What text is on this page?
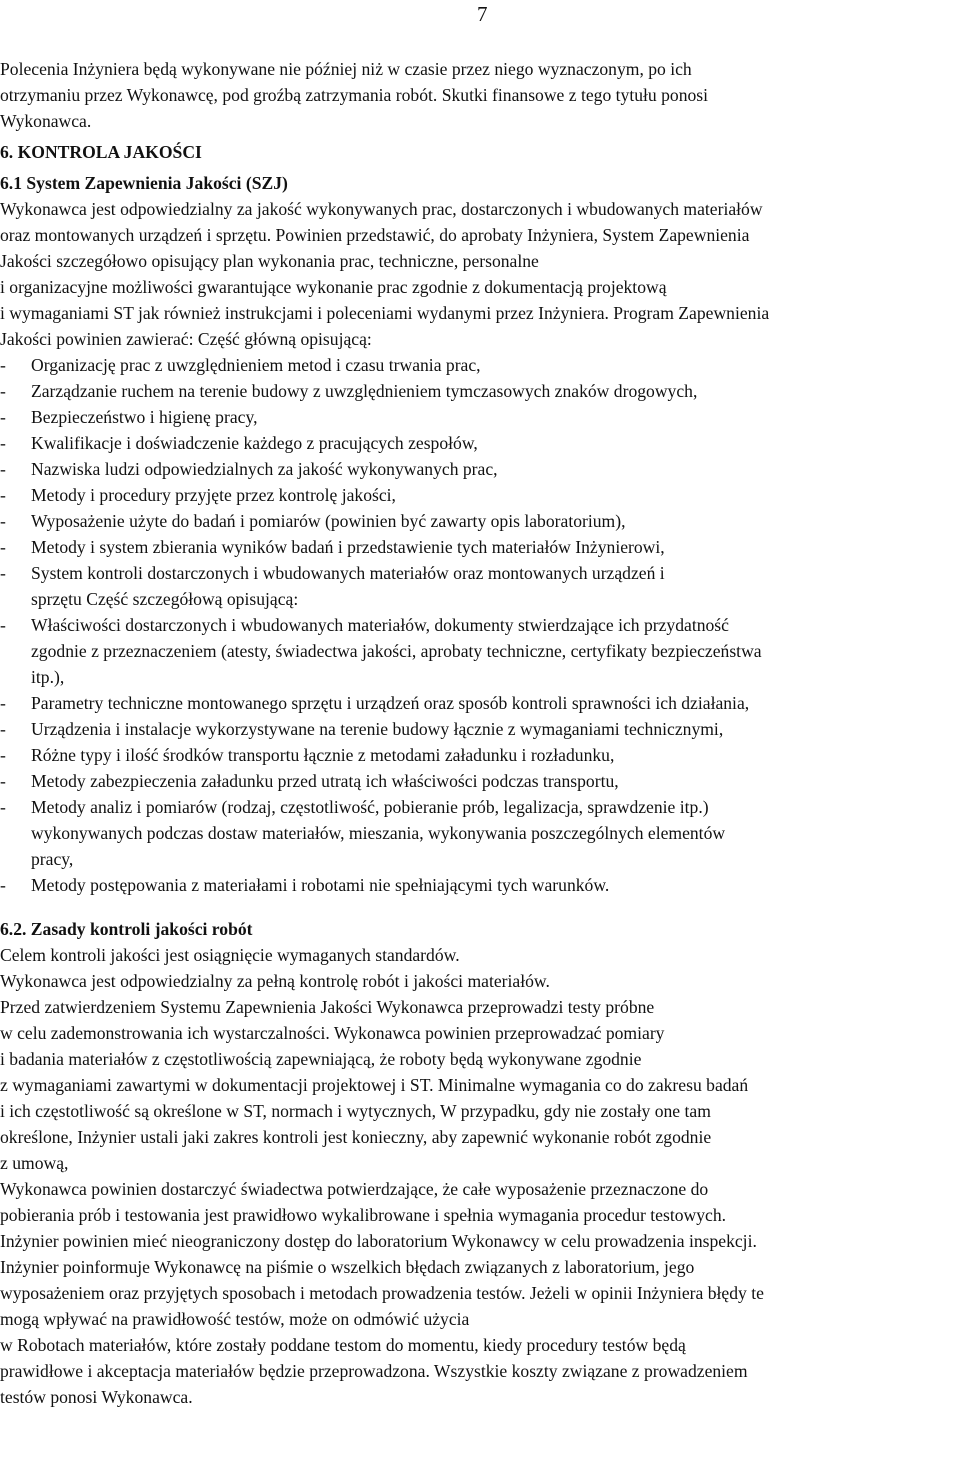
7
Polecenia Inżyniera będą wykonywane nie później niż w czasie przez niego wyznaczonym, po ich
otrzymaniu przez Wykonawcę, pod groźbą zatrzymania robót. Skutki finansowe z tego tytułu ponosi
Wykonawca.
6. KONTROLA JAKOŚCI
6.1 System Zapewnienia Jakości (SZJ)
Wykonawca jest odpowiedzialny za jakość wykonywanych prac, dostarczonych i wbudowanych materiałów
oraz montowanych urządzeń i sprzętu. Powinien przedstawić, do aprobaty Inżyniera, System Zapewnienia
Jakości szczegółowo opisujący plan wykonania prac, techniczne, personalne
i organizacyjne możliwości gwarantujące wykonanie prac zgodnie z dokumentacją projektową
i wymaganiami ST jak również instrukcjami i poleceniami wydanymi przez Inżyniera. Program Zapewnienia
Jakości powinien zawierać: Część główną opisującą:
-	Organizację prac z uwzględnieniem metod i czasu trwania prac,
-	Zarządzanie ruchem na terenie budowy z uwzględnieniem tymczasowych znaków drogowych,
-	Bezpieczeństwo i higienę pracy,
-	Kwalifikacje i doświadczenie każdego z pracujących zespołów,
-	Nazwiska ludzi odpowiedzialnych za jakość wykonywanych prac,
-	Metody i procedury przyjęte przez kontrolę jakości,
-	Wyposażenie użyte do badań i pomiarów (powinien być zawarty opis laboratorium),
-	Metody i system zbierania wyników badań i przedstawienie tych materiałów Inżynierowi,
-	System kontroli dostarczonych i wbudowanych materiałów oraz montowanych urządzeń i
sprzętu Część szczegółową opisującą:
-	Właściwości dostarczonych i wbudowanych materiałów, dokumenty stwierdzające ich przydatność
zgodnie z przeznaczeniem (atesty, świadectwa jakości, aprobaty techniczne, certyfikaty bezpieczeństwa
itp.),
-	Parametry techniczne montowanego sprzętu i urządzeń oraz sposób kontroli sprawności ich działania,
-	Urządzenia i instalacje wykorzystywane na terenie budowy łącznie z wymaganiami technicznymi,
-	Różne typy i ilość środków transportu łącznie z metodami załadunku i rozładunku,
-	Metody zabezpieczenia załadunku przed utratą ich właściwości podczas transportu,
-	Metody analiz i pomiarów (rodzaj, częstotliwość, pobieranie prób, legalizacja, sprawdzenie itp.)
wykonywanych podczas dostaw materiałów, mieszania, wykonywania poszczególnych elementów
pracy,
-	Metody postępowania z materiałami i robotami nie spełniającymi tych warunków.
6.2. Zasady kontroli jakości robót
Celem kontroli jakości jest osiągnięcie wymaganych standardów.
Wykonawca jest odpowiedzialny za pełną kontrolę robót i jakości materiałów.
Przed zatwierdzeniem Systemu Zapewnienia Jakości Wykonawca przeprowadzi testy próbne
w celu zademonstrowania ich wystarczalności. Wykonawca powinien przeprowadzać pomiary
i badania materiałów z częstotliwością zapewniającą, że roboty będą wykonywane zgodnie
z wymaganiami zawartymi w dokumentacji projektowej i ST. Minimalne wymagania co do zakresu badań
i ich częstotliwość są określone w ST, normach i wytycznych, W przypadku, gdy nie zostały one tam
określone, Inżynier ustali jaki zakres kontroli jest konieczny, aby zapewnić wykonanie robót zgodnie
z umową,
Wykonawca powinien dostarczyć świadectwa potwierdzające, że całe wyposażenie przeznaczone do
pobierania prób i testowania jest prawidłowo wykalibrowane i spełnia wymagania procedur testowych.
Inżynier powinien mieć nieograniczony dostęp do laboratorium Wykonawcy w celu prowadzenia inspekcji.
Inżynier poinformuje Wykonawcę na piśmie o wszelkich błędach związanych z laboratorium, jego
wyposażeniem oraz przyjętych sposobach i metodach prowadzenia testów. Jeżeli w opinii Inżyniera błędy te
mogą wpływać na prawidłowość testów, może on odmówić użycia
w Robotach materiałów, które zostały poddane testom do momentu, kiedy procedury testów będą
prawidłowe i akceptacja materiałów będzie przeprowadzona. Wszystkie koszty związane z prowadzeniem
testów ponosi Wykonawca.
